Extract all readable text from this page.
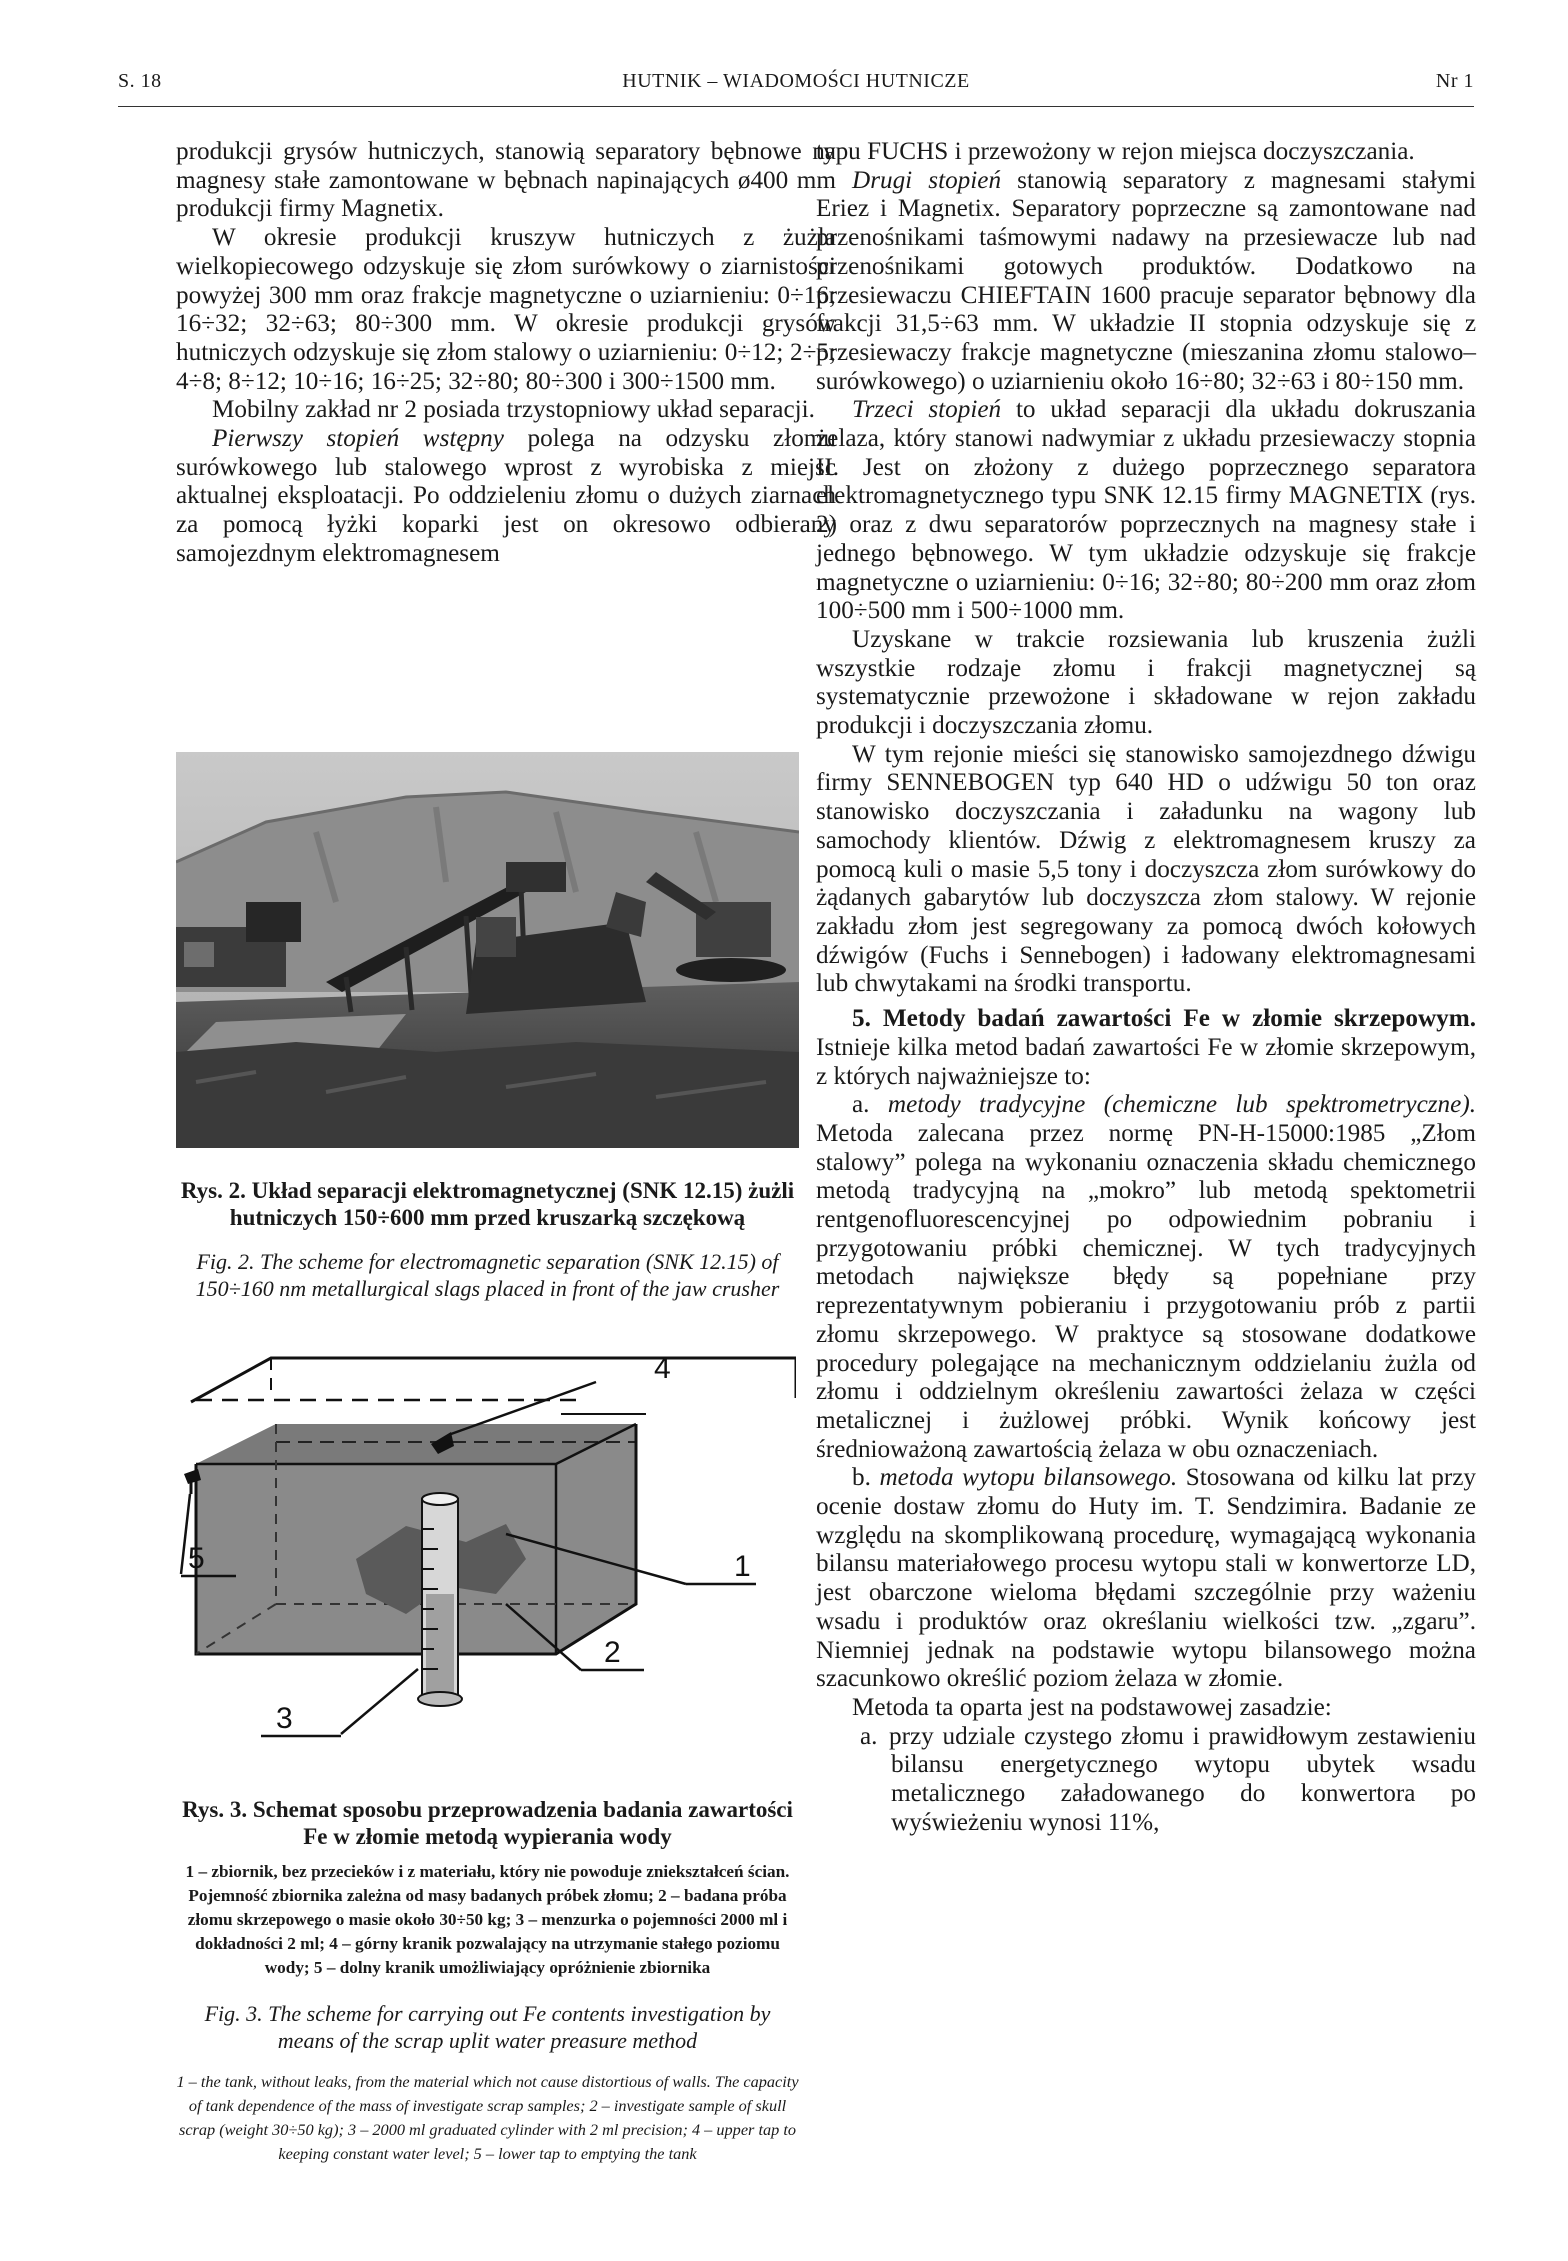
S. 18	HUTNIK – WIADOMOŚCI HUTNICZE	Nr 1

produkcji grysów hutniczych, stanowią separatory bębnowe na magnesy stałe zamontowane w bębnach napinających ø400 mm produkcji firmy Magnetix.

W okresie produkcji kruszyw hutniczych z żużla wielkopiecowego odzyskuje się złom surówkowy o ziarnistości powyżej 300 mm oraz frakcje magnetyczne o uziarnieniu: 0÷16; 16÷32; 32÷63; 80÷300 mm. W okresie produkcji grysów hutniczych odzyskuje się złom stalowy o uziarnieniu: 0÷12; 2÷5; 4÷8; 8÷12; 10÷16; 16÷25; 32÷80; 80÷300 i 300÷1500 mm.

Mobilny zakład nr 2 posiada trzystopniowy układ separacji.

Pierwszy stopień wstępny polega na odzysku złomu surówkowego lub stalowego wprost z wyrobiska z miejsc aktualnej eksploatacji. Po oddzieleniu złomu o dużych ziarnach za pomocą łyżki koparki jest on okresowo odbierany samojezdnym elektromagnesem

Rys. 2. Układ separacji elektromagnetycznej (SNK 12.15) żużli hutniczych 150÷600 mm przed kruszarką szczękową
Fig. 2. The scheme for electromagnetic separation (SNK 12.15) of 150÷160 nm metallurgical slags placed in front of the jaw crusher
4
1
2
3
5
Rys. 3. Schemat sposobu przeprowadzenia badania zawartości Fe w złomie metodą wypierania wody
1 – zbiornik, bez przecieków i z materiału, który nie powoduje zniekształceń ścian. Pojemność zbiornika zależna od masy badanych próbek złomu; 2 – badana próba złomu skrzepowego o masie około 30÷50 kg; 3 – menzurka o pojemności 2000 ml i dokładności 2 ml; 4 – górny kranik pozwalający na utrzymanie stałego poziomu wody; 5 – dolny kranik umożliwiający opróżnienie zbiornika
Fig. 3. The scheme for carrying out Fe contents investigation by means of the scrap uplit water preasure method
1 – the tank, without leaks, from the material which not cause distortious of walls. The capacity of tank dependence of the mass of investigate scrap samples; 2 – investigate sample of skull scrap (weight 30÷50 kg); 3 – 2000 ml graduated cylinder with 2 ml precision; 4 – upper tap to keeping constant water level; 5 – lower tap to emptying the tank

typu FUCHS i przewożony w rejon miejsca doczyszczania.

Drugi stopień stanowią separatory z magnesami stałymi Eriez i Magnetix. Separatory poprzeczne są zamontowane nad przenośnikami taśmowymi nadawy na przesiewacze lub nad przenośnikami gotowych produktów. Dodatkowo na przesiewaczu CHIEFTAIN 1600 pracuje separator bębnowy dla frakcji 31,5÷63 mm. W układzie II stopnia odzyskuje się z przesiewaczy frakcje magnetyczne (mieszanina złomu stalowo–surówkowego) o uziarnieniu około 16÷80; 32÷63 i 80÷150 mm.

Trzeci stopień to układ separacji dla układu dokruszania żelaza, który stanowi nadwymiar z układu przesiewaczy stopnia II. Jest on złożony z dużego poprzecznego separatora elektromagnetycznego typu SNK 12.15 firmy MAGNETIX (rys. 2) oraz z dwu separatorów poprzecznych na magnesy stałe i jednego bębnowego. W tym układzie odzyskuje się frakcje magnetyczne o uziarnieniu: 0÷16; 32÷80; 80÷200 mm oraz złom 100÷500 mm i 500÷1000 mm.

Uzyskane w trakcie rozsiewania lub kruszenia żużli wszystkie rodzaje złomu i frakcji magnetycznej są systematycznie przewożone i składowane w rejon zakładu produkcji i doczyszczania złomu.

W tym rejonie mieści się stanowisko samojezdnego dźwigu firmy SENNEBOGEN typ 640 HD o udźwigu 50 ton oraz stanowisko doczyszczania i załadunku na wagony lub samochody klientów. Dźwig z elektromagnesem kruszy za pomocą kuli o masie 5,5 tony i doczyszcza złom surówkowy do żądanych gabarytów lub doczyszcza złom stalowy. W rejonie zakładu złom jest segregowany za pomocą dwóch kołowych dźwigów (Fuchs i Sennebogen) i ładowany elektromagnesami lub chwytakami na środki transportu.

5. Metody badań zawartości Fe w złomie skrzepowym. Istnieje kilka metod badań zawartości Fe w złomie skrzepowym, z których najważniejsze to:

a. metody tradycyjne (chemiczne lub spektrometryczne). Metoda zalecana przez normę PN-H-15000:1985 „Złom stalowy” polega na wykonaniu oznaczenia składu chemicznego metodą tradycyjną na „mokro” lub metodą spektometrii rentgenofluorescencyjnej po odpowiednim pobraniu i przygotowaniu próbki chemicznej. W tych tradycyjnych metodach największe błędy są popełniane przy reprezentatywnym pobieraniu i przygotowaniu prób z partii złomu skrzepowego. W praktyce są stosowane dodatkowe procedury polegające na mechanicznym oddzielaniu żużla od złomu i oddzielnym określeniu zawartości żelaza w części metalicznej i żużlowej próbki. Wynik końcowy jest średnioważoną zawartością żelaza w obu oznaczeniach.

b. metoda wytopu bilansowego. Stosowana od kilku lat przy ocenie dostaw złomu do Huty im. T. Sendzimira. Badanie ze względu na skomplikowaną procedurę, wymagającą wykonania bilansu materiałowego procesu wytopu stali w konwertorze LD, jest obarczone wieloma błędami szczególnie przy ważeniu wsadu i produktów oraz określaniu wielkości tzw. „zgaru”. Niemniej jednak na podstawie wytopu bilansowego można szacunkowo określić poziom żelaza w złomie.

Metoda ta oparta jest na podstawowej zasadzie:

a. przy udziale czystego złomu i prawidłowym zestawieniu bilansu energetycznego wytopu ubytek wsadu metalicznego załadowanego do konwertora po wyświeżeniu wynosi 11%,
